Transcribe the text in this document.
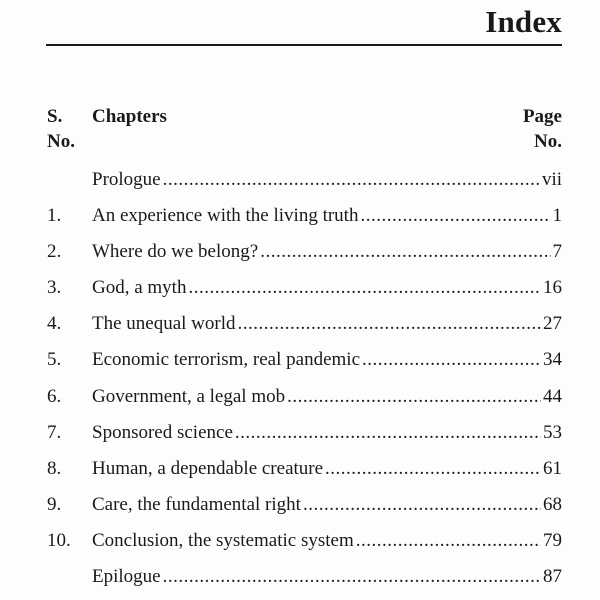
Index
S.
No.
Chapters	Page
No.
Prologue .....	vii
1.	An experience with the living truth .....	1
2.	Where do we belong? .....	7
3.	God, a myth .....	16
4.	The unequal world .....	27
5.	Economic terrorism, real pandemic .....	34
6.	Government, a legal mob .....	44
7.	Sponsored science .....	53
8.	Human, a dependable creature .....	61
9.	Care, the fundamental right .....	68
10.	Conclusion, the systematic system .....	79
Epilogue .....	87
